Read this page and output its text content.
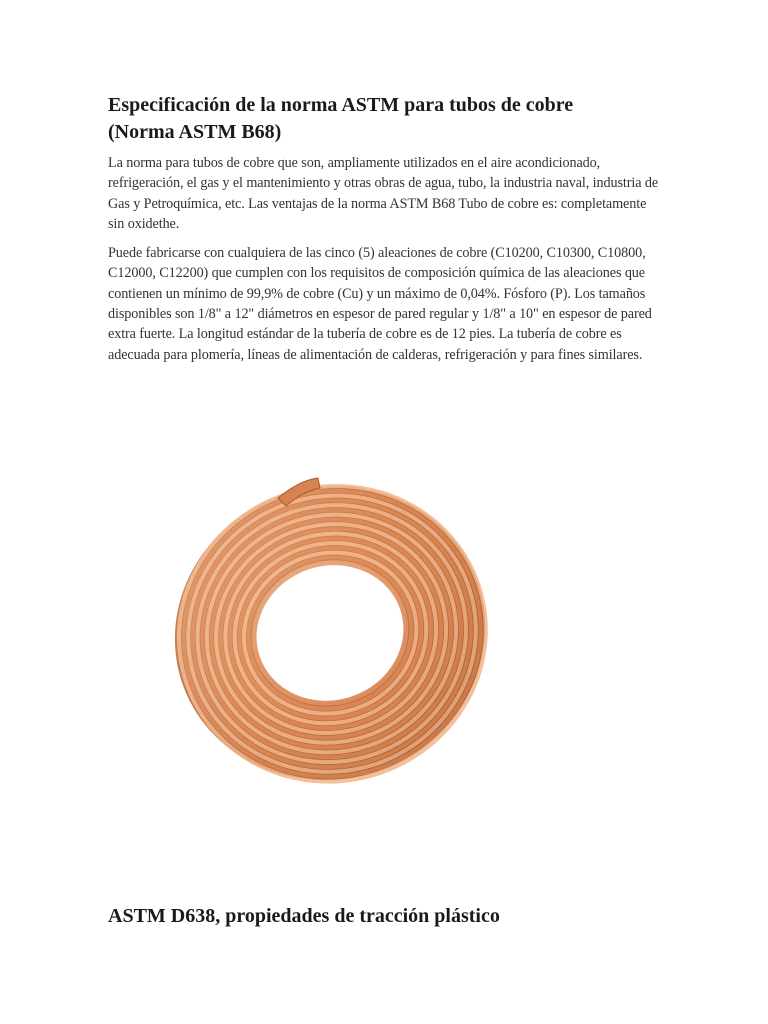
Especificación de la norma ASTM para tubos de cobre
(Norma ASTM B68)

La norma para tubos de cobre que son, ampliamente utilizados en el aire acondicionado, refrigeración, el gas y el mantenimiento y otras obras de agua, tubo, la industria naval, industria de Gas y Petroquímica, etc. Las ventajas de la norma ASTM B68 Tubo de cobre es: completamente sin oxidethe.

Puede fabricarse con cualquiera de las cinco (5) aleaciones de cobre (C10200, C10300, C10800, C12000, C12200) que cumplen con los requisitos de composición química de las aleaciones que contienen un mínimo de 99,9% de cobre (Cu) y un máximo de 0,04%. Fósforo (P). Los tamaños disponibles son 1/8" a 12" diámetros en espesor de pared regular y 1/8" a 10" en espesor de pared extra fuerte. La longitud estándar de la tubería de cobre es de 12 pies. La tubería de cobre es adecuada para plomería, líneas de alimentación de calderas, refrigeración y para fines similares.

ASTM D638, propiedades de tracción plástico
